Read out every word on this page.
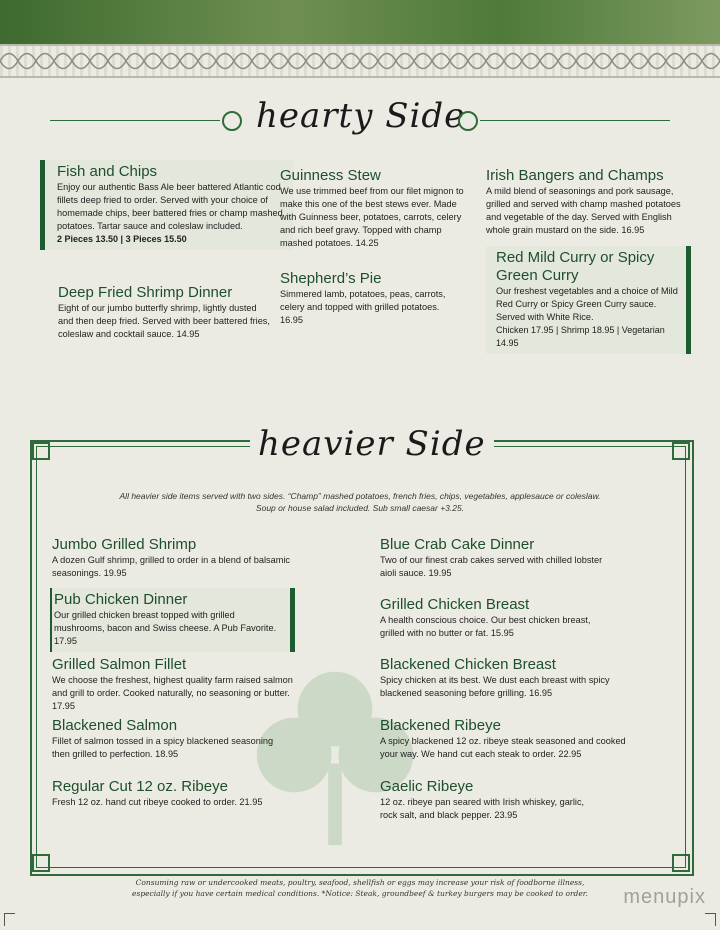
hearty Side
Fish and Chips

Enjoy our authentic Bass Ale beer battered Atlantic cod fillets deep fried to order. Served with your choice of homemade chips, beer battered fries or champ mashed potatoes. Tartar sauce and coleslaw included.

2 Pieces 13.50 | 3 Pieces 15.50

Deep Fried Shrimp Dinner

Eight of our jumbo butterfly shrimp, lightly dusted and then deep fried. Served with beer battered fries, coleslaw and cocktail sauce. 14.95

Guinness Stew

We use trimmed beef from our filet mignon to make this one of the best stews ever. Made with Guinness beer, potatoes, carrots, celery and rich beef gravy. Topped with champ mashed potatoes. 14.25

Shepherd’s Pie

Simmered lamb, potatoes, peas, carrots, celery and topped with grilled potatoes. 16.95

Irish Bangers and Champs

A mild blend of seasonings and pork sausage, grilled and served with champ mashed potatoes and vegetable of the day. Served with English whole grain mustard on the side. 16.95

Red Mild Curry or Spicy Green Curry

Our freshest vegetables and a choice of Mild Red Curry or Spicy Green Curry sauce. Served with White Rice.

Chicken 17.95 | Shrimp 18.95 | Vegetarian 14.95

heavier Side
All heavier side items served with two sides. “Champ” mashed potatoes, french fries, chips, vegetables, applesauce or coleslaw.
Soup or house salad included. Sub small caesar +3.25.
Jumbo Grilled Shrimp

A dozen Gulf shrimp, grilled to order in a blend of balsamic seasonings. 19.95

Pub Chicken Dinner

Our grilled chicken breast topped with grilled mushrooms, bacon and Swiss cheese. A Pub Favorite. 17.95

Grilled Salmon Fillet

We choose the freshest, highest quality farm raised salmon and grill to order. Cooked naturally, no seasoning or butter. 17.95

Blackened Salmon

Fillet of salmon tossed in a spicy blackened seasoning then grilled to perfection. 18.95

Regular Cut 12 oz. Ribeye

Fresh 12 oz. hand cut ribeye cooked to order. 21.95

Blue Crab Cake Dinner

Two of our finest crab cakes served with chilled lobster aioli sauce. 19.95

Grilled Chicken Breast

A health conscious choice. Our best chicken breast, grilled with no butter or fat. 15.95

Blackened Chicken Breast

Spicy chicken at its best. We dust each breast with spicy blackened seasoning before grilling. 16.95

Blackened Ribeye

A spicy blackened 12 oz. ribeye steak seasoned and cooked your way. We hand cut each steak to order. 22.95

Gaelic Ribeye

12 oz. ribeye pan seared with Irish whiskey, garlic, rock salt, and black pepper. 23.95

Consuming raw or undercooked meats, poultry, seafood, shellfish or eggs may increase your risk of foodborne illness,
especially if you have certain medical conditions. *Notice: Steak, groundbeef & turkey burgers may be cooked to order.	menupix
